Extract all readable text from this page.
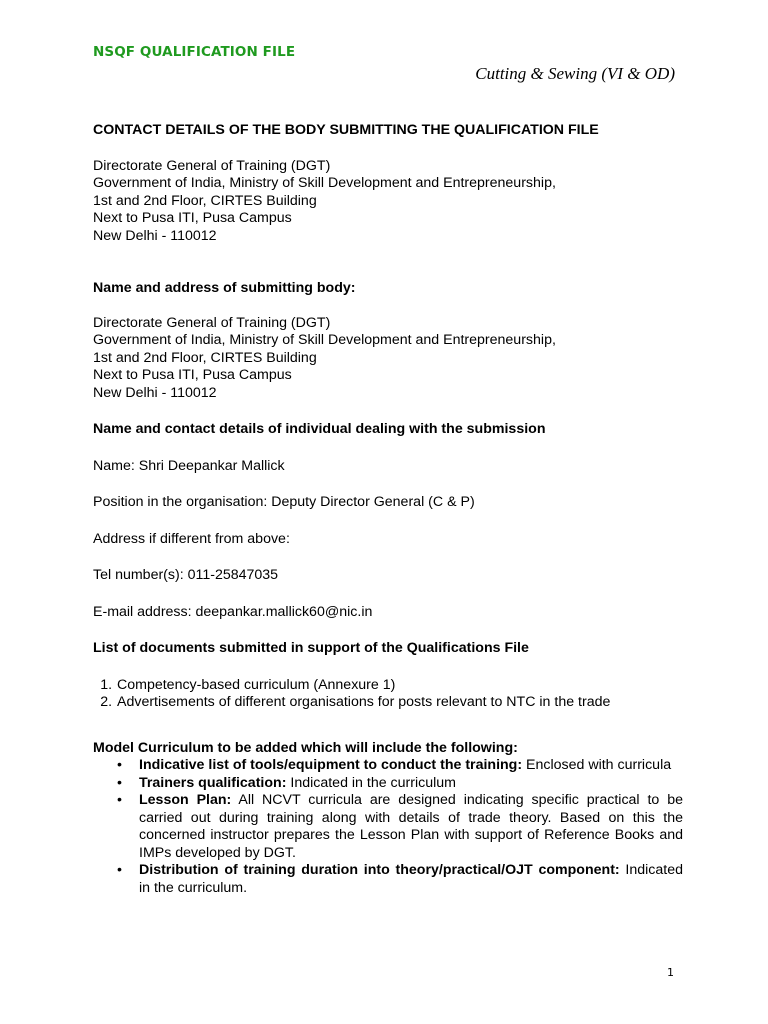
NSQF QUALIFICATION FILE
Cutting & Sewing (VI & OD)
CONTACT DETAILS OF THE BODY SUBMITTING THE QUALIFICATION FILE
Directorate General of Training (DGT)
Government of India, Ministry of Skill Development and Entrepreneurship,
1st and 2nd Floor, CIRTES Building
Next to Pusa ITI, Pusa Campus
New Delhi - 110012
Name and address of submitting body:
Directorate General of Training (DGT)
Government of India, Ministry of Skill Development and Entrepreneurship,
1st and 2nd Floor, CIRTES Building
Next to Pusa ITI, Pusa Campus
New Delhi - 110012
Name and contact details of individual dealing with the submission
Name: Shri Deepankar Mallick
Position in the organisation: Deputy Director General (C & P)
Address if different from above:
Tel number(s): 011-25847035
E-mail address: deepankar.mallick60@nic.in
List of documents submitted in support of the Qualifications File
1. Competency-based curriculum (Annexure 1)
2. Advertisements of different organisations for posts relevant to NTC in the trade
Model Curriculum to be added which will include the following:
• Indicative list of tools/equipment to conduct the training: Enclosed with curricula
• Trainers qualification: Indicated in the curriculum
• Lesson Plan: All NCVT curricula are designed indicating specific practical to be carried out during training along with details of trade theory. Based on this the concerned instructor prepares the Lesson Plan with support of Reference Books and IMPs developed by DGT.
• Distribution of training duration into theory/practical/OJT component: Indicated in the curriculum.
1
